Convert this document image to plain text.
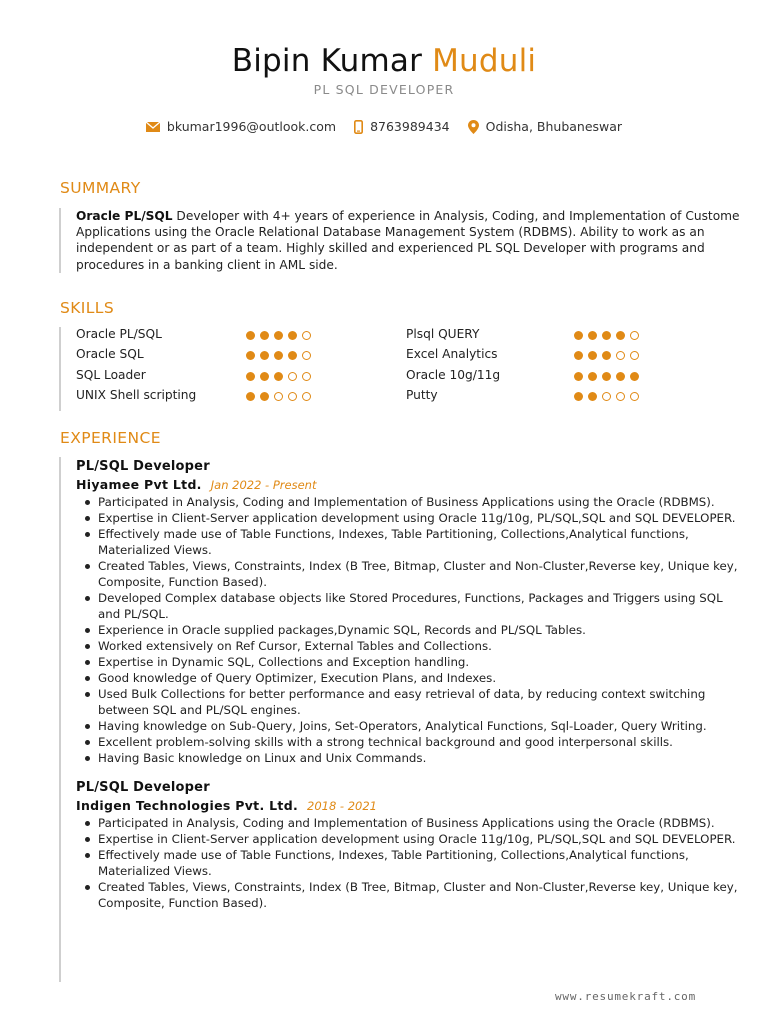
Bipin Kumar Muduli
PL SQL DEVELOPER
bkumar1996@outlook.com	8763989434	Odisha, Bhubaneswar
SUMMARY
Oracle PL/SQL Developer with 4+ years of experience in Analysis, Coding, and Implementation of Custome Applications using the Oracle Relational Database Management System (RDBMS). Ability to work as an independent or as part of a team. Highly skilled and experienced PL SQL Developer with programs and procedures in a banking client in AML side.
SKILLS
Oracle PL/SQL
Oracle SQL
SQL Loader
UNIX Shell scripting
Plsql QUERY
Excel Analytics
Oracle 10g/11g
Putty
EXPERIENCE
PL/SQL Developer
Hiyamee Pvt Ltd. Jan 2022 - Present
Participated in Analysis, Coding and Implementation of Business Applications using the Oracle (RDBMS).
Expertise in Client-Server application development using Oracle 11g/10g, PL/SQL,SQL and SQL DEVELOPER.
Effectively made use of Table Functions, Indexes, Table Partitioning, Collections,Analytical functions, Materialized Views.
Created Tables, Views, Constraints, Index (B Tree, Bitmap, Cluster and Non-Cluster,Reverse key, Unique key, Composite, Function Based).
Developed Complex database objects like Stored Procedures, Functions, Packages and Triggers using SQL and PL/SQL.
Experience in Oracle supplied packages,Dynamic SQL, Records and PL/SQL Tables.
Worked extensively on Ref Cursor, External Tables and Collections.
Expertise in Dynamic SQL, Collections and Exception handling.
Good knowledge of Query Optimizer, Execution Plans, and Indexes.
Used Bulk Collections for better performance and easy retrieval of data, by reducing context switching between SQL and PL/SQL engines.
Having knowledge on Sub-Query, Joins, Set-Operators, Analytical Functions, Sql-Loader, Query Writing.
Excellent problem-solving skills with a strong technical background and good interpersonal skills.
Having Basic knowledge on Linux and Unix Commands.
PL/SQL Developer
Indigen Technologies Pvt. Ltd. 2018 - 2021
Participated in Analysis, Coding and Implementation of Business Applications using the Oracle (RDBMS).
Expertise in Client-Server application development using Oracle 11g/10g, PL/SQL,SQL and SQL DEVELOPER.
Effectively made use of Table Functions, Indexes, Table Partitioning, Collections,Analytical functions, Materialized Views.
Created Tables, Views, Constraints, Index (B Tree, Bitmap, Cluster and Non-Cluster,Reverse key, Unique key, Composite, Function Based).
www.resumekraft.com
